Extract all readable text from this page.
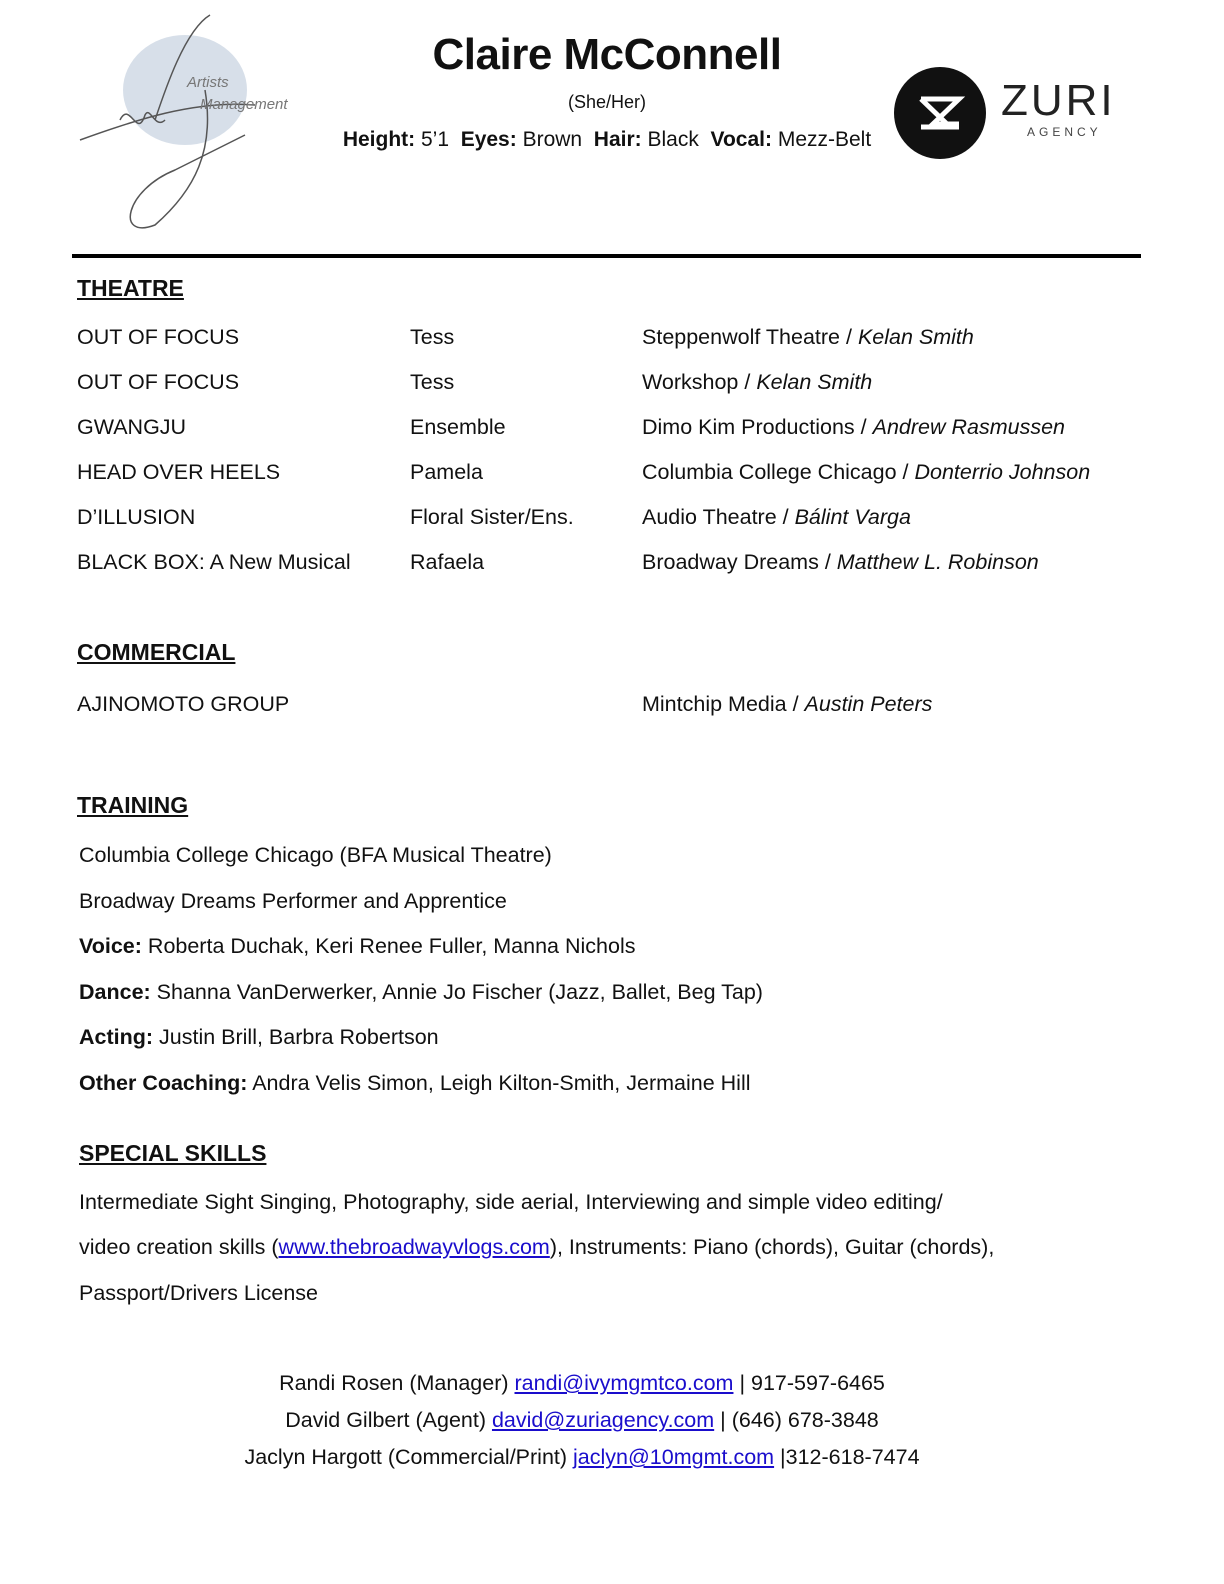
Artists
Management
Claire McConnell
(She/Her)
Height: 5’1 Eyes: Brown Hair: Black Vocal: Mezz-Belt
ZURI
AGENCY
THEATRE
OUT OF FOCUS	Tess	Steppenwolf Theatre / Kelan Smith
OUT OF FOCUS	Tess	Workshop / Kelan Smith
GWANGJU	Ensemble	Dimo Kim Productions / Andrew Rasmussen
HEAD OVER HEELS	Pamela	Columbia College Chicago / Donterrio Johnson
D’ILLUSION	Floral Sister/Ens.	Audio Theatre / Bálint Varga
BLACK BOX: A New Musical	Rafaela	Broadway Dreams / Matthew L. Robinson
COMMERCIAL
AJINOMOTO GROUP	Mintchip Media / Austin Peters
TRAINING
Columbia College Chicago (BFA Musical Theatre)
Broadway Dreams Performer and Apprentice
Voice: Roberta Duchak, Keri Renee Fuller, Manna Nichols
Dance: Shanna VanDerwerker, Annie Jo Fischer (Jazz, Ballet, Beg Tap)
Acting: Justin Brill, Barbra Robertson
Other Coaching: Andra Velis Simon, Leigh Kilton-Smith, Jermaine Hill
SPECIAL SKILLS
Intermediate Sight Singing, Photography, side aerial, Interviewing and simple video editing/
video creation skills (www.thebroadwayvlogs.com), Instruments: Piano (chords), Guitar (chords),
Passport/Drivers License
Randi Rosen (Manager) randi@ivymgmtco.com | 917-597-6465
David Gilbert (Agent) david@zuriagency.com | (646) 678-3848
Jaclyn Hargott (Commercial/Print) jaclyn@10mgmt.com |312-618-7474
